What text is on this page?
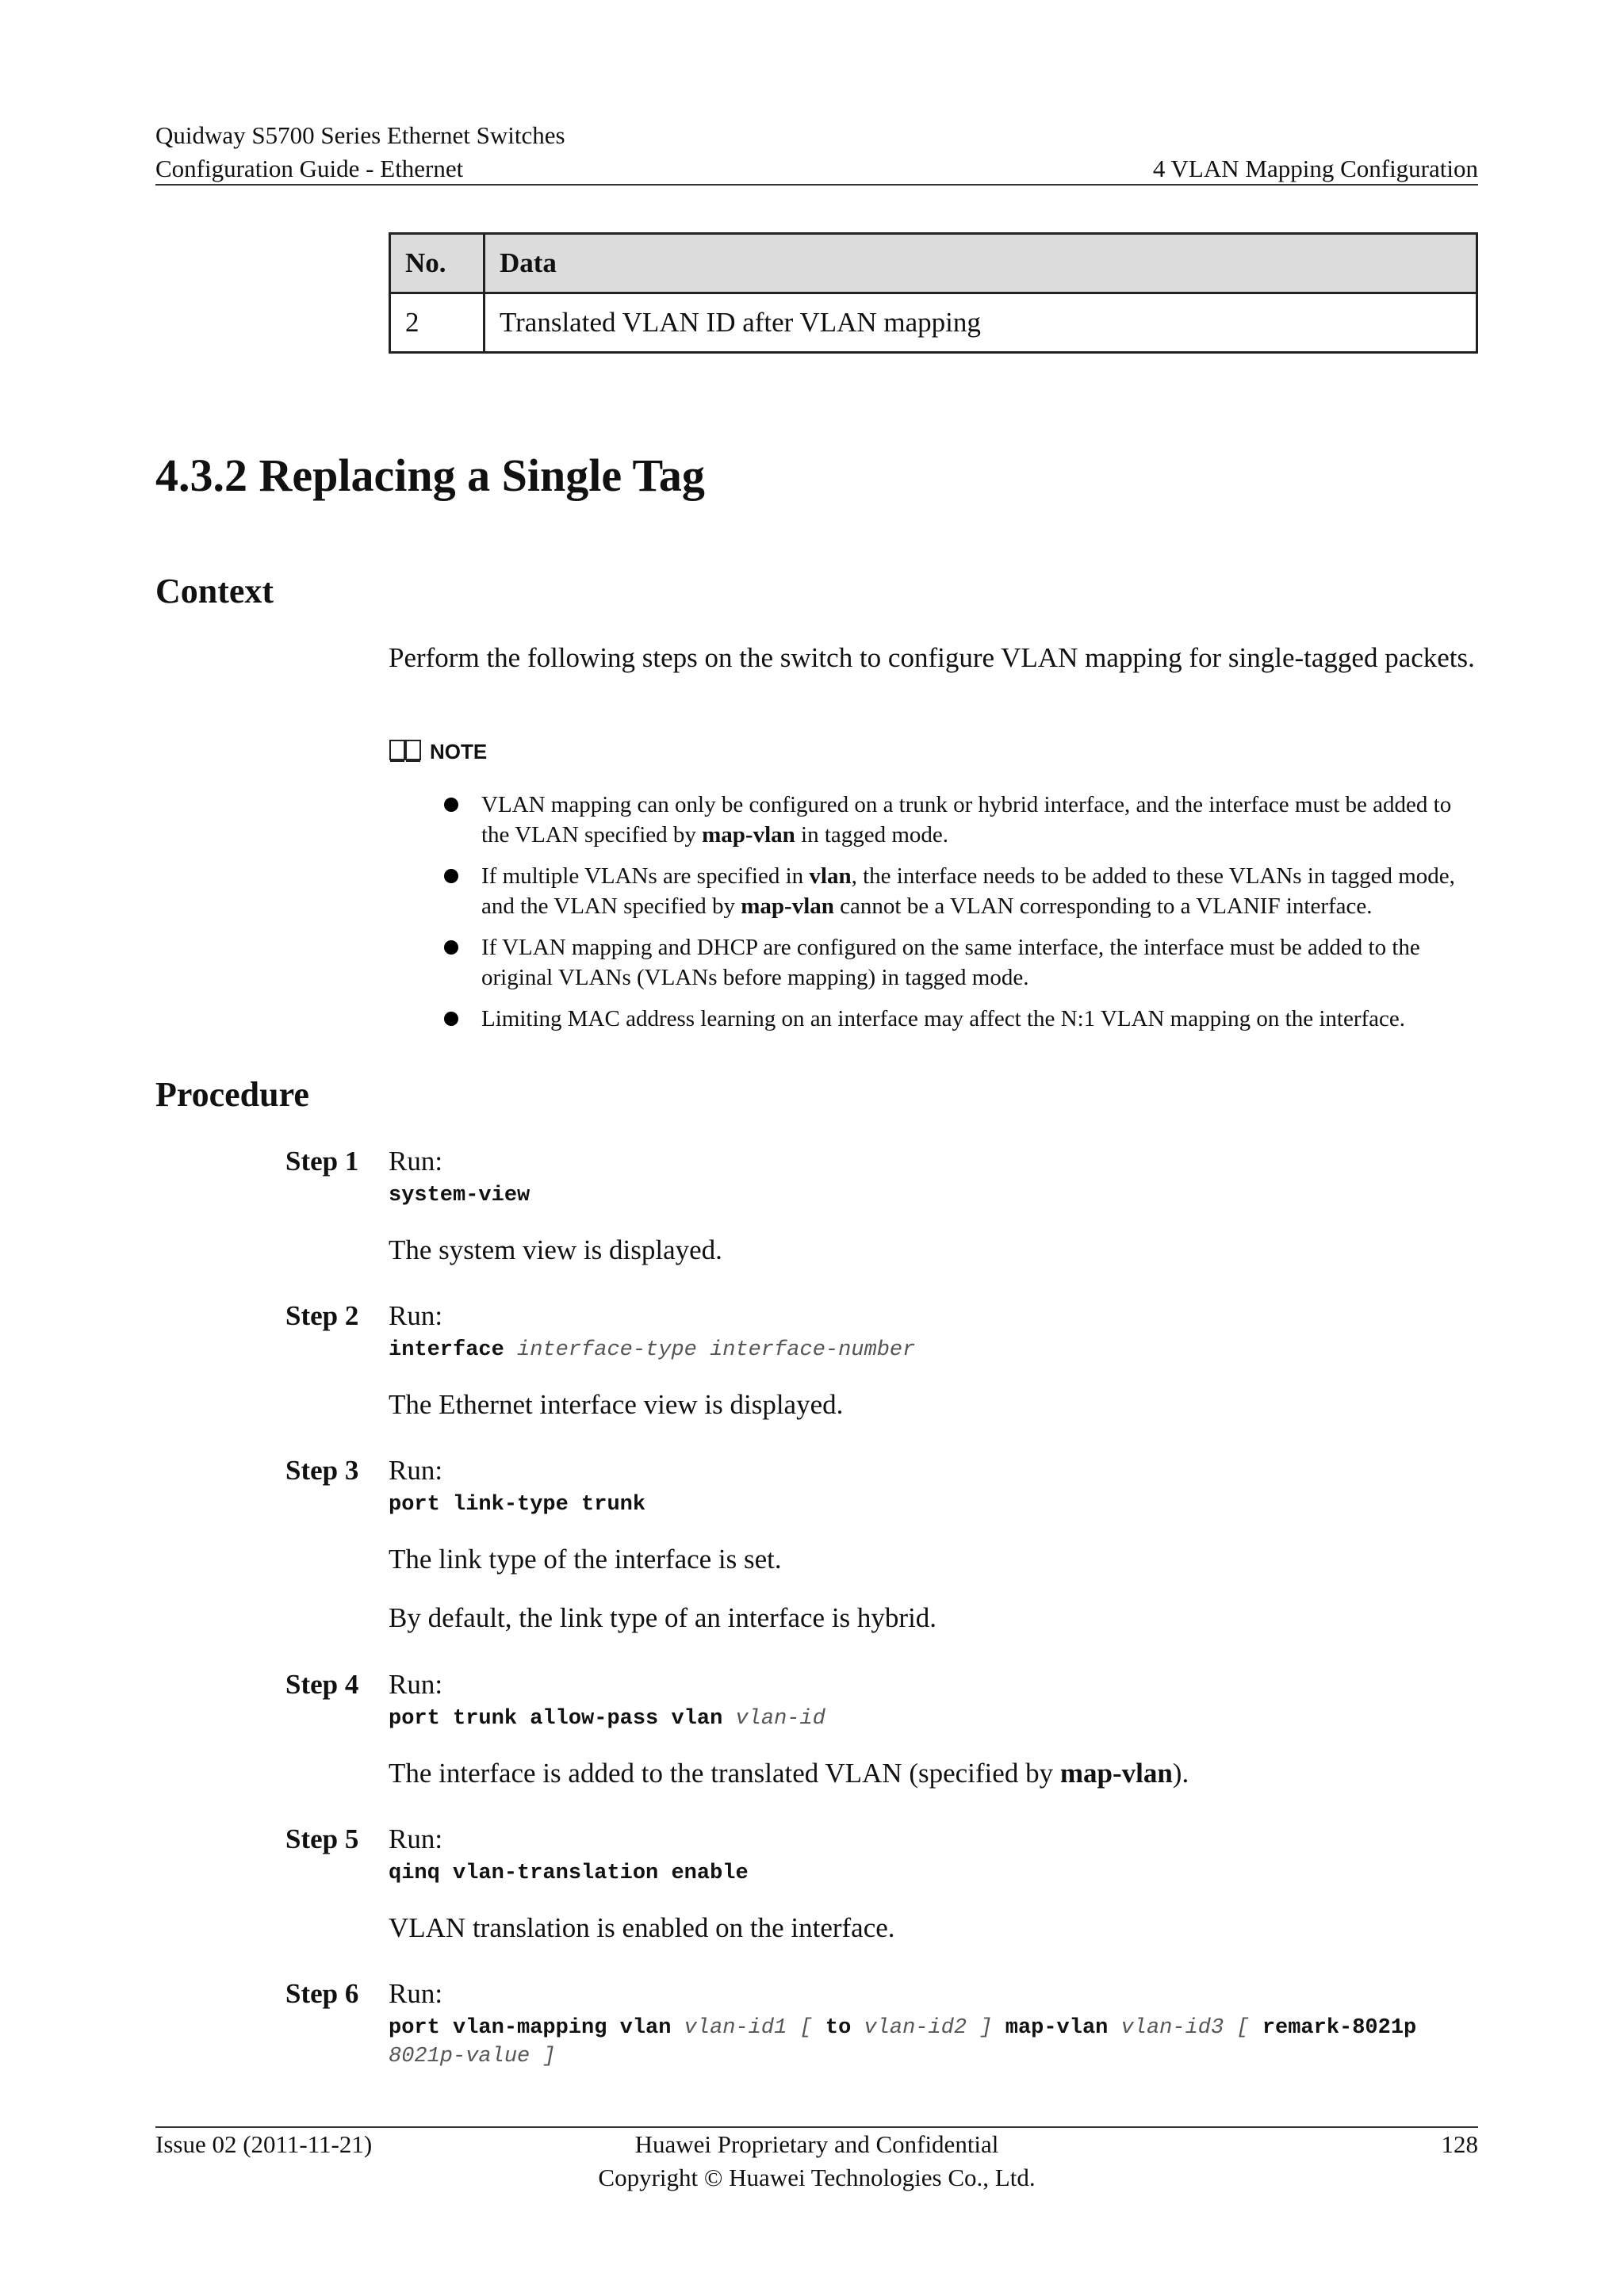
Quidway S5700 Series Ethernet Switches
Configuration Guide - Ethernet	4 VLAN Mapping Configuration
No.	Data
2	Translated VLAN ID after VLAN mapping
4.3.2 Replacing a Single Tag
Context
Perform the following steps on the switch to configure VLAN mapping for single-tagged packets.
NOTE
VLAN mapping can only be configured on a trunk or hybrid interface, and the interface must be added to the VLAN specified by map-vlan in tagged mode.
If multiple VLANs are specified in vlan, the interface needs to be added to these VLANs in tagged mode, and the VLAN specified by map-vlan cannot be a VLAN corresponding to a VLANIF interface.
If VLAN mapping and DHCP are configured on the same interface, the interface must be added to the original VLANs (VLANs before mapping) in tagged mode.
Limiting MAC address learning on an interface may affect the N:1 VLAN mapping on the interface.
Procedure
Step 1	Run:
system-view
The system view is displayed.
Step 2	Run:
interface interface-type interface-number
The Ethernet interface view is displayed.
Step 3	Run:
port link-type trunk
The link type of the interface is set.
By default, the link type of an interface is hybrid.
Step 4	Run:
port trunk allow-pass vlan vlan-id
The interface is added to the translated VLAN (specified by map-vlan).
Step 5	Run:
qinq vlan-translation enable
VLAN translation is enabled on the interface.
Step 6	Run:
port vlan-mapping vlan vlan-id1 [ to vlan-id2 ] map-vlan vlan-id3 [ remark-8021p 8021p-value ]
Issue 02 (2011-11-21)	Huawei Proprietary and Confidential
Copyright © Huawei Technologies Co., Ltd.
128
